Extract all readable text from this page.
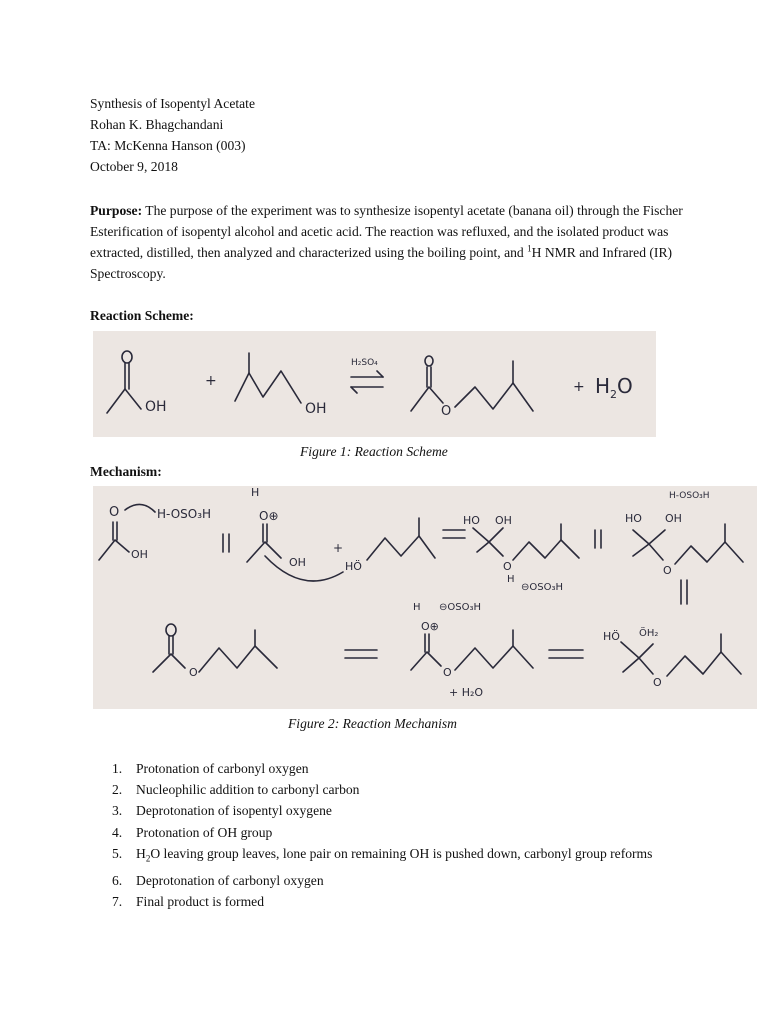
Synthesis of Isopentyl Acetate
Rohan K. Bhagchandani
TA: McKenna Hanson (003)
October 9, 2018
Purpose: The purpose of the experiment was to synthesize isopentyl acetate (banana oil) through the Fischer Esterification of isopentyl alcohol and acetic acid. The reaction was refluxed, and the isolated product was extracted, distilled, then analyzed and characterized using the boiling point, and $^1$H NMR and Infrared (IR) Spectroscopy.
Reaction Scheme:
OH
+
OH
H₂SO₄
O
+ $H_2O$
Figure 1: Reaction Scheme
Mechanism:
O
OH
H-OSO₃H
H
O⊕
OH
+
HÖ
HO OH
O
H
⊖OSO₃H
HO OH
H-OSO₃H
O
O
H ⊖OSO₃H
O⊕
O
+ H₂O
HÖ ÖH₂
O
Figure 2: Reaction Mechanism
1.	Protonation of carbonyl oxygen
2.	Nucleophilic addition to carbonyl carbon
3.	Deprotonation of isopentyl oxygene
4.	Protonation of OH group
5.	$H_2O$ leaving group leaves, lone pair on remaining OH is pushed down, carbonyl group reforms
6.	Deprotonation of carbonyl oxygen
7.	Final product is formed
